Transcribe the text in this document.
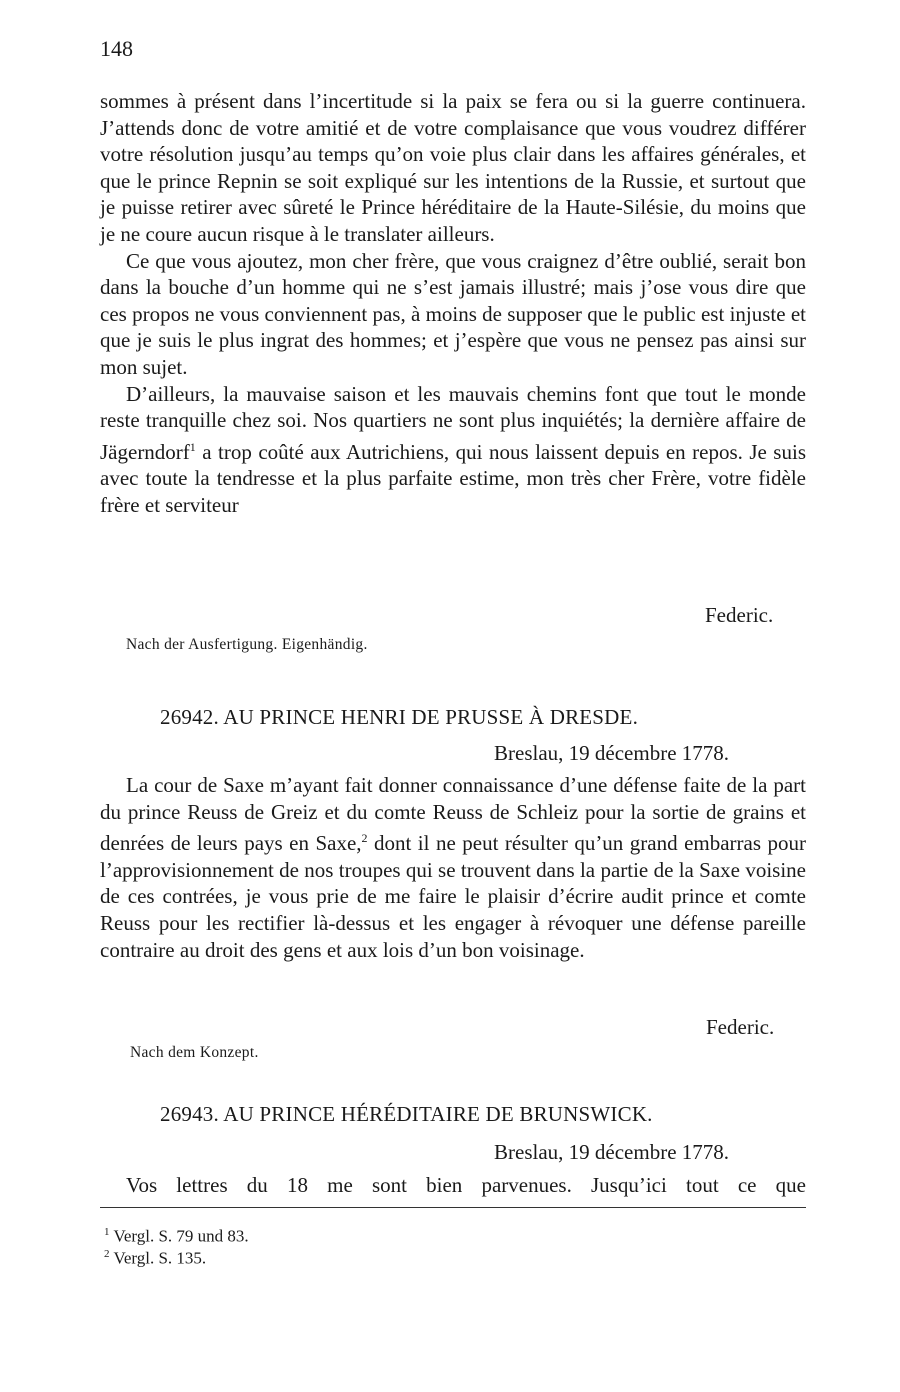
148

sommes à présent dans l’incertitude si la paix se fera ou si la guerre continuera. J’attends donc de votre amitié et de votre complaisance que vous voudrez différer votre résolution jusqu’au temps qu’on voie plus clair dans les affaires générales, et que le prince Repnin se soit expliqué sur les intentions de la Russie, et surtout que je puisse retirer avec sûreté le Prince héréditaire de la Haute-Silésie, du moins que je ne coure aucun risque à le translater ailleurs.

Ce que vous ajoutez, mon cher frère, que vous craignez d’être oublié, serait bon dans la bouche d’un homme qui ne s’est jamais illustré; mais j’ose vous dire que ces propos ne vous conviennent pas, à moins de supposer que le public est injuste et que je suis le plus ingrat des hommes; et j’espère que vous ne pensez pas ainsi sur mon sujet.

D’ailleurs, la mauvaise saison et les mauvais chemins font que tout le monde reste tranquille chez soi. Nos quartiers ne sont plus inquiétés; la dernière affaire de Jägerndorf$^1$ a trop coûté aux Autrichiens, qui nous laissent depuis en repos. Je suis avec toute la tendresse et la plus parfaite estime, mon très cher Frère, votre fidèle frère et serviteur

Federic.
Nach der Ausfertigung. Eigenhändig.
26942. AU PRINCE HENRI DE PRUSSE À DRESDE.
Breslau, 19 décembre 1778.

La cour de Saxe m’ayant fait donner connaissance d’une défense faite de la part du prince Reuss de Greiz et du comte Reuss de Schleiz pour la sortie de grains et denrées de leurs pays en Saxe,$^2$ dont il ne peut résulter qu’un grand embarras pour l’approvisionnement de nos troupes qui se trouvent dans la partie de la Saxe voisine de ces contrées, je vous prie de me faire le plaisir d’écrire audit prince et comte Reuss pour les rectifier là-dessus et les engager à révoquer une défense pareille contraire au droit des gens et aux lois d’un bon voisinage.

Federic.
Nach dem Konzept.
26943. AU PRINCE HÉRÉDITAIRE DE BRUNSWICK.
Breslau, 19 décembre 1778.

Vos lettres du 18 me sont bien parvenues. Jusqu’ici tout ce que

$^1$ Vergl. S. 79 und 83.
$^2$ Vergl. S. 135.
